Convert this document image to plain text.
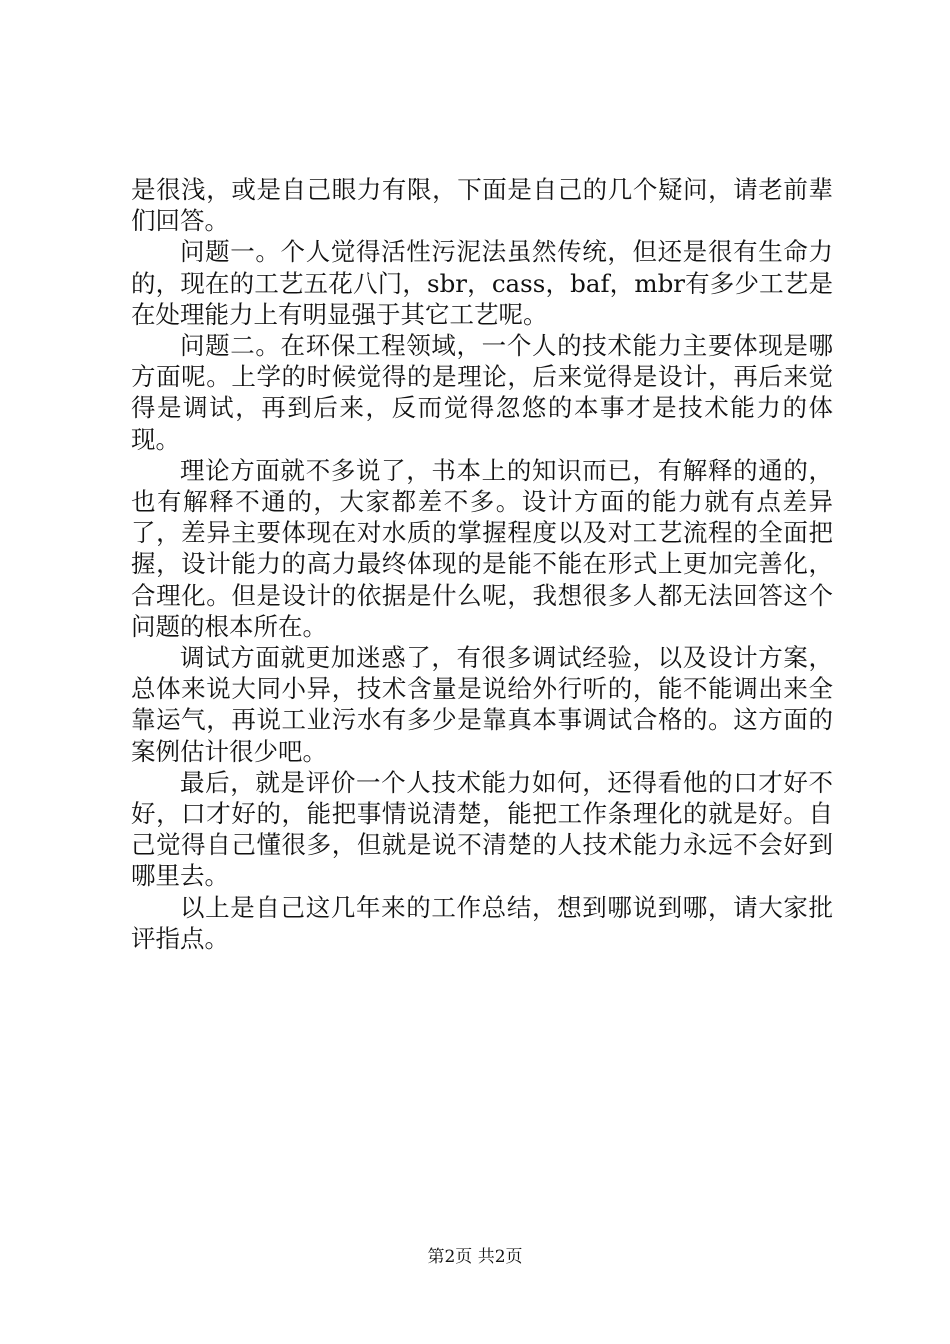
是很浅，或是自己眼力有限，下面是自己的几个疑问，请老前辈们回答。

问题一。个人觉得活性污泥法虽然传统，但还是很有生命力的，现在的工艺五花八门，sbr，cass，baf，mbr有多少工艺是在处理能力上有明显强于其它工艺呢。

问题二。在环保工程领域，一个人的技术能力主要体现是哪方面呢。上学的时候觉得的是理论，后来觉得是设计，再后来觉得是调试，再到后来，反而觉得忽悠的本事才是技术能力的体现。

理论方面就不多说了，书本上的知识而已，有解释的通的，也有解释不通的，大家都差不多。设计方面的能力就有点差异了，差异主要体现在对水质的掌握程度以及对工艺流程的全面把握，设计能力的高力最终体现的是能不能在形式上更加完善化，合理化。但是设计的依据是什么呢，我想很多人都无法回答这个问题的根本所在。

调试方面就更加迷惑了，有很多调试经验，以及设计方案，总体来说大同小异，技术含量是说给外行听的，能不能调出来全靠运气，再说工业污水有多少是靠真本事调试合格的。这方面的案例估计很少吧。

最后，就是评价一个人技术能力如何，还得看他的口才好不好，口才好的，能把事情说清楚，能把工作条理化的就是好。自己觉得自己懂很多，但就是说不清楚的人技术能力永远不会好到哪里去。

以上是自己这几年来的工作总结，想到哪说到哪，请大家批评指点。

第2页 共2页
